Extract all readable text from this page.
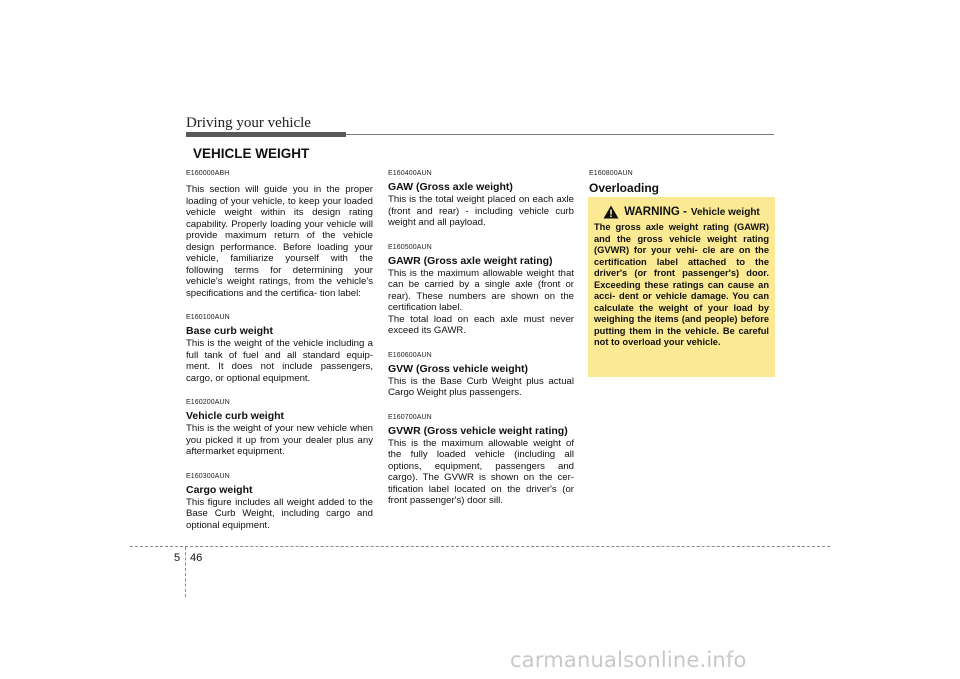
Driving your vehicle
VEHICLE WEIGHT

E160000ABH

This section will guide you in the proper loading of your vehicle, to keep your loaded vehicle weight within its design rating capability. Properly loading your vehicle will provide maximum return of the vehicle design performance. Before loading your vehicle, familiarize yourself with the following terms for determining your vehicle's weight ratings, from the vehicle's specifications and the certifica- tion label:

E160100AUN

Base curb weight

This is the weight of the vehicle including a full tank of fuel and all standard equip- ment. It does not include passengers, cargo, or optional equipment.

E160200AUN

Vehicle curb weight

This is the weight of your new vehicle when you picked it up from your dealer plus any aftermarket equipment.

E160300AUN

Cargo weight

This figure includes all weight added to the Base Curb Weight, including cargo and optional equipment.

E160400AUN

GAW (Gross axle weight)

This is the total weight placed on each axle (front and rear) - including vehicle curb weight and all payload.

E160500AUN

GAWR (Gross axle weight rating)

This is the maximum allowable weight that can be carried by a single axle (front or rear). These numbers are shown on the certification label.
The total load on each axle must never exceed its GAWR.

E160600AUN

GVW (Gross vehicle weight)

This is the Base Curb Weight plus actual Cargo Weight plus passengers.

E160700AUN

GVWR (Gross vehicle weight rating)

This is the maximum allowable weight of the fully loaded vehicle (including all options, equipment, passengers and cargo). The GVWR is shown on the cer- tification label located on the driver's (or front passenger's) door sill.

E160800AUN

Overloading

WARNING - Vehicle weight

The gross axle weight rating (GAWR) and the gross vehicle weight rating (GVWR) for your vehi- cle are on the certification label attached to the driver's (or front passenger's) door. Exceeding these ratings can cause an acci- dent or vehicle damage. You can calculate the weight of your load by weighing the items (and people) before putting them in the vehicle. Be careful not to overload your vehicle.

5 46
carmanualsonline.info
